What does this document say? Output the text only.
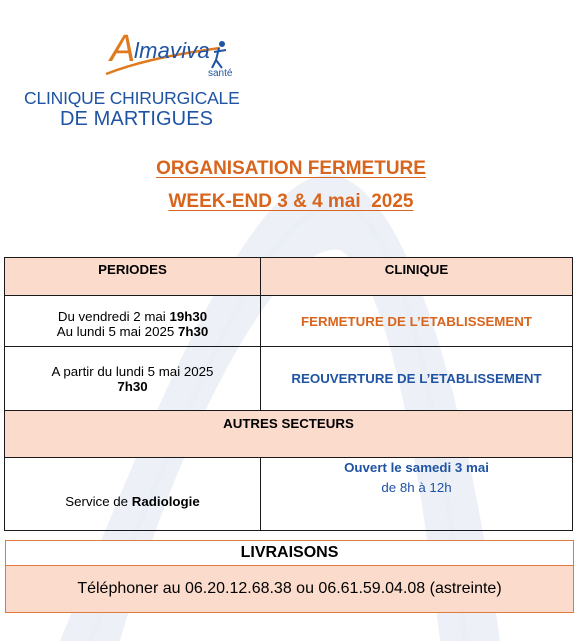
A
lmaviva
santé
CLINIQUE CHIRURGICALE
DE MARTIGUES
ORGANISATION FERMETURE
WEEK-END 3 & 4 mai  2025
PERIODES	CLINIQUE

Du vendredi 2 mai 19h30
Au lundi 5 mai 2025 7h30	FERMETURE DE L’ETABLISSEMENT

A partir du lundi 5 mai 2025
7h30	REOUVERTURE DE L’ETABLISSEMENT
AUTRES SECTEURS	
Service de Radiologie	Ouvert le samedi 3 mai
de 8h à 12h
LIVRAISONS
Téléphoner au 06.20.12.68.38 ou 06.61.59.04.08 (astreinte)
